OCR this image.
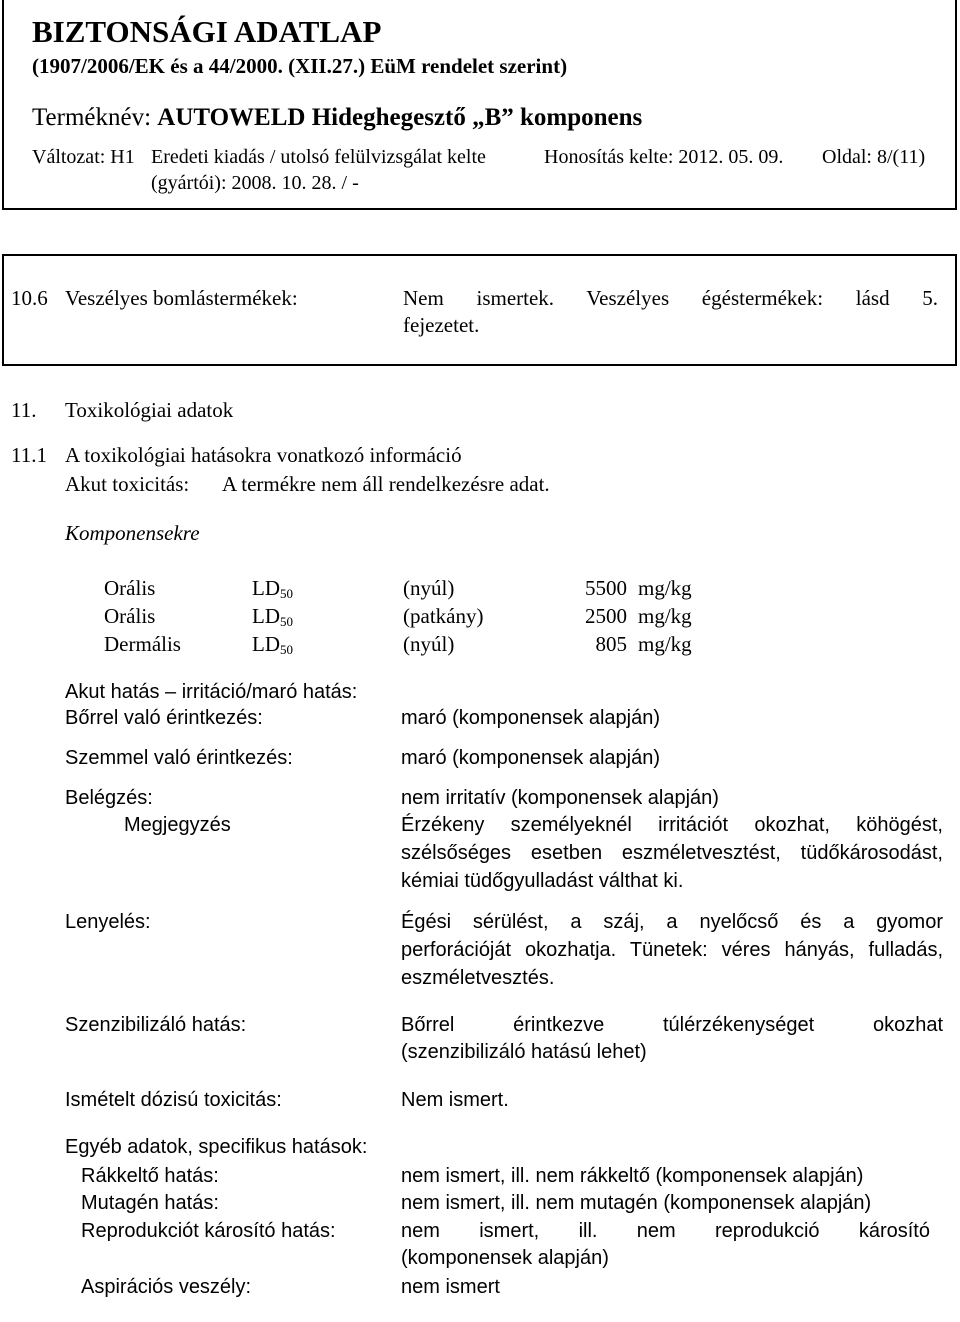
BIZTONSÁGI ADATLAP
(1907/2006/EK és a 44/2000. (XII.27.) EüM rendelet szerint)
Terméknév: AUTOWELD Hideghegesztő „B” komponens
Változat: H1 Eredeti kiadás / utolsó felülvizsgálat kelte
(gyártói): 2008. 10. 28. / -
Honosítás kelte: 2012. 05. 09. Oldal: 8/(11)
10.6 Veszélyes bomlástermékek:	Nem ismertek. Veszélyes égéstermékek: lásd 5.
fejezetet.
11. Toxikológiai adatok
11.1 A toxikológiai hatásokra vonatkozó információ
Akut toxicitás: A termékre nem áll rendelkezésre adat.
Komponensekre
Orális	$LD_{50}$	(nyúl)	5500 mg/kg
Orális	$LD_{50}$	(patkány)	2500 mg/kg
Dermális	$LD_{50}$	(nyúl)	805 mg/kg
Akut hatás – irritáció/maró hatás:
Bőrrel való érintkezés:	maró (komponensek alapján)
Szemmel való érintkezés:	maró (komponensek alapján)
Belégzés:	nem irritatív (komponensek alapján)
Megjegyzés	Érzékeny személyeknél irritációt okozhat, köhögést,
szélsőséges esetben eszméletvesztést, tüdőkárosodást,
kémiai tüdőgyulladást válthat ki.
Lenyelés:	Égési sérülést, a száj, a nyelőcső és a gyomor
perforációját okozhatja. Tünetek: véres hányás, fulladás,
eszméletvesztés.
Szenzibilizáló hatás:	Bőrrel érintkezve túlérzékenységet okozhat
(szenzibilizáló hatású lehet)
Ismételt dózisú toxicitás:	Nem ismert.
Egyéb adatok, specifikus hatások:
Rákkeltő hatás:	nem ismert, ill. nem rákkeltő (komponensek alapján)
Mutagén hatás:	nem ismert, ill. nem mutagén (komponensek alapján)
Reprodukciót károsító hatás:	nem ismert, ill. nem reprodukció károsító
(komponensek alapján)
Aspirációs veszély:	nem ismert
